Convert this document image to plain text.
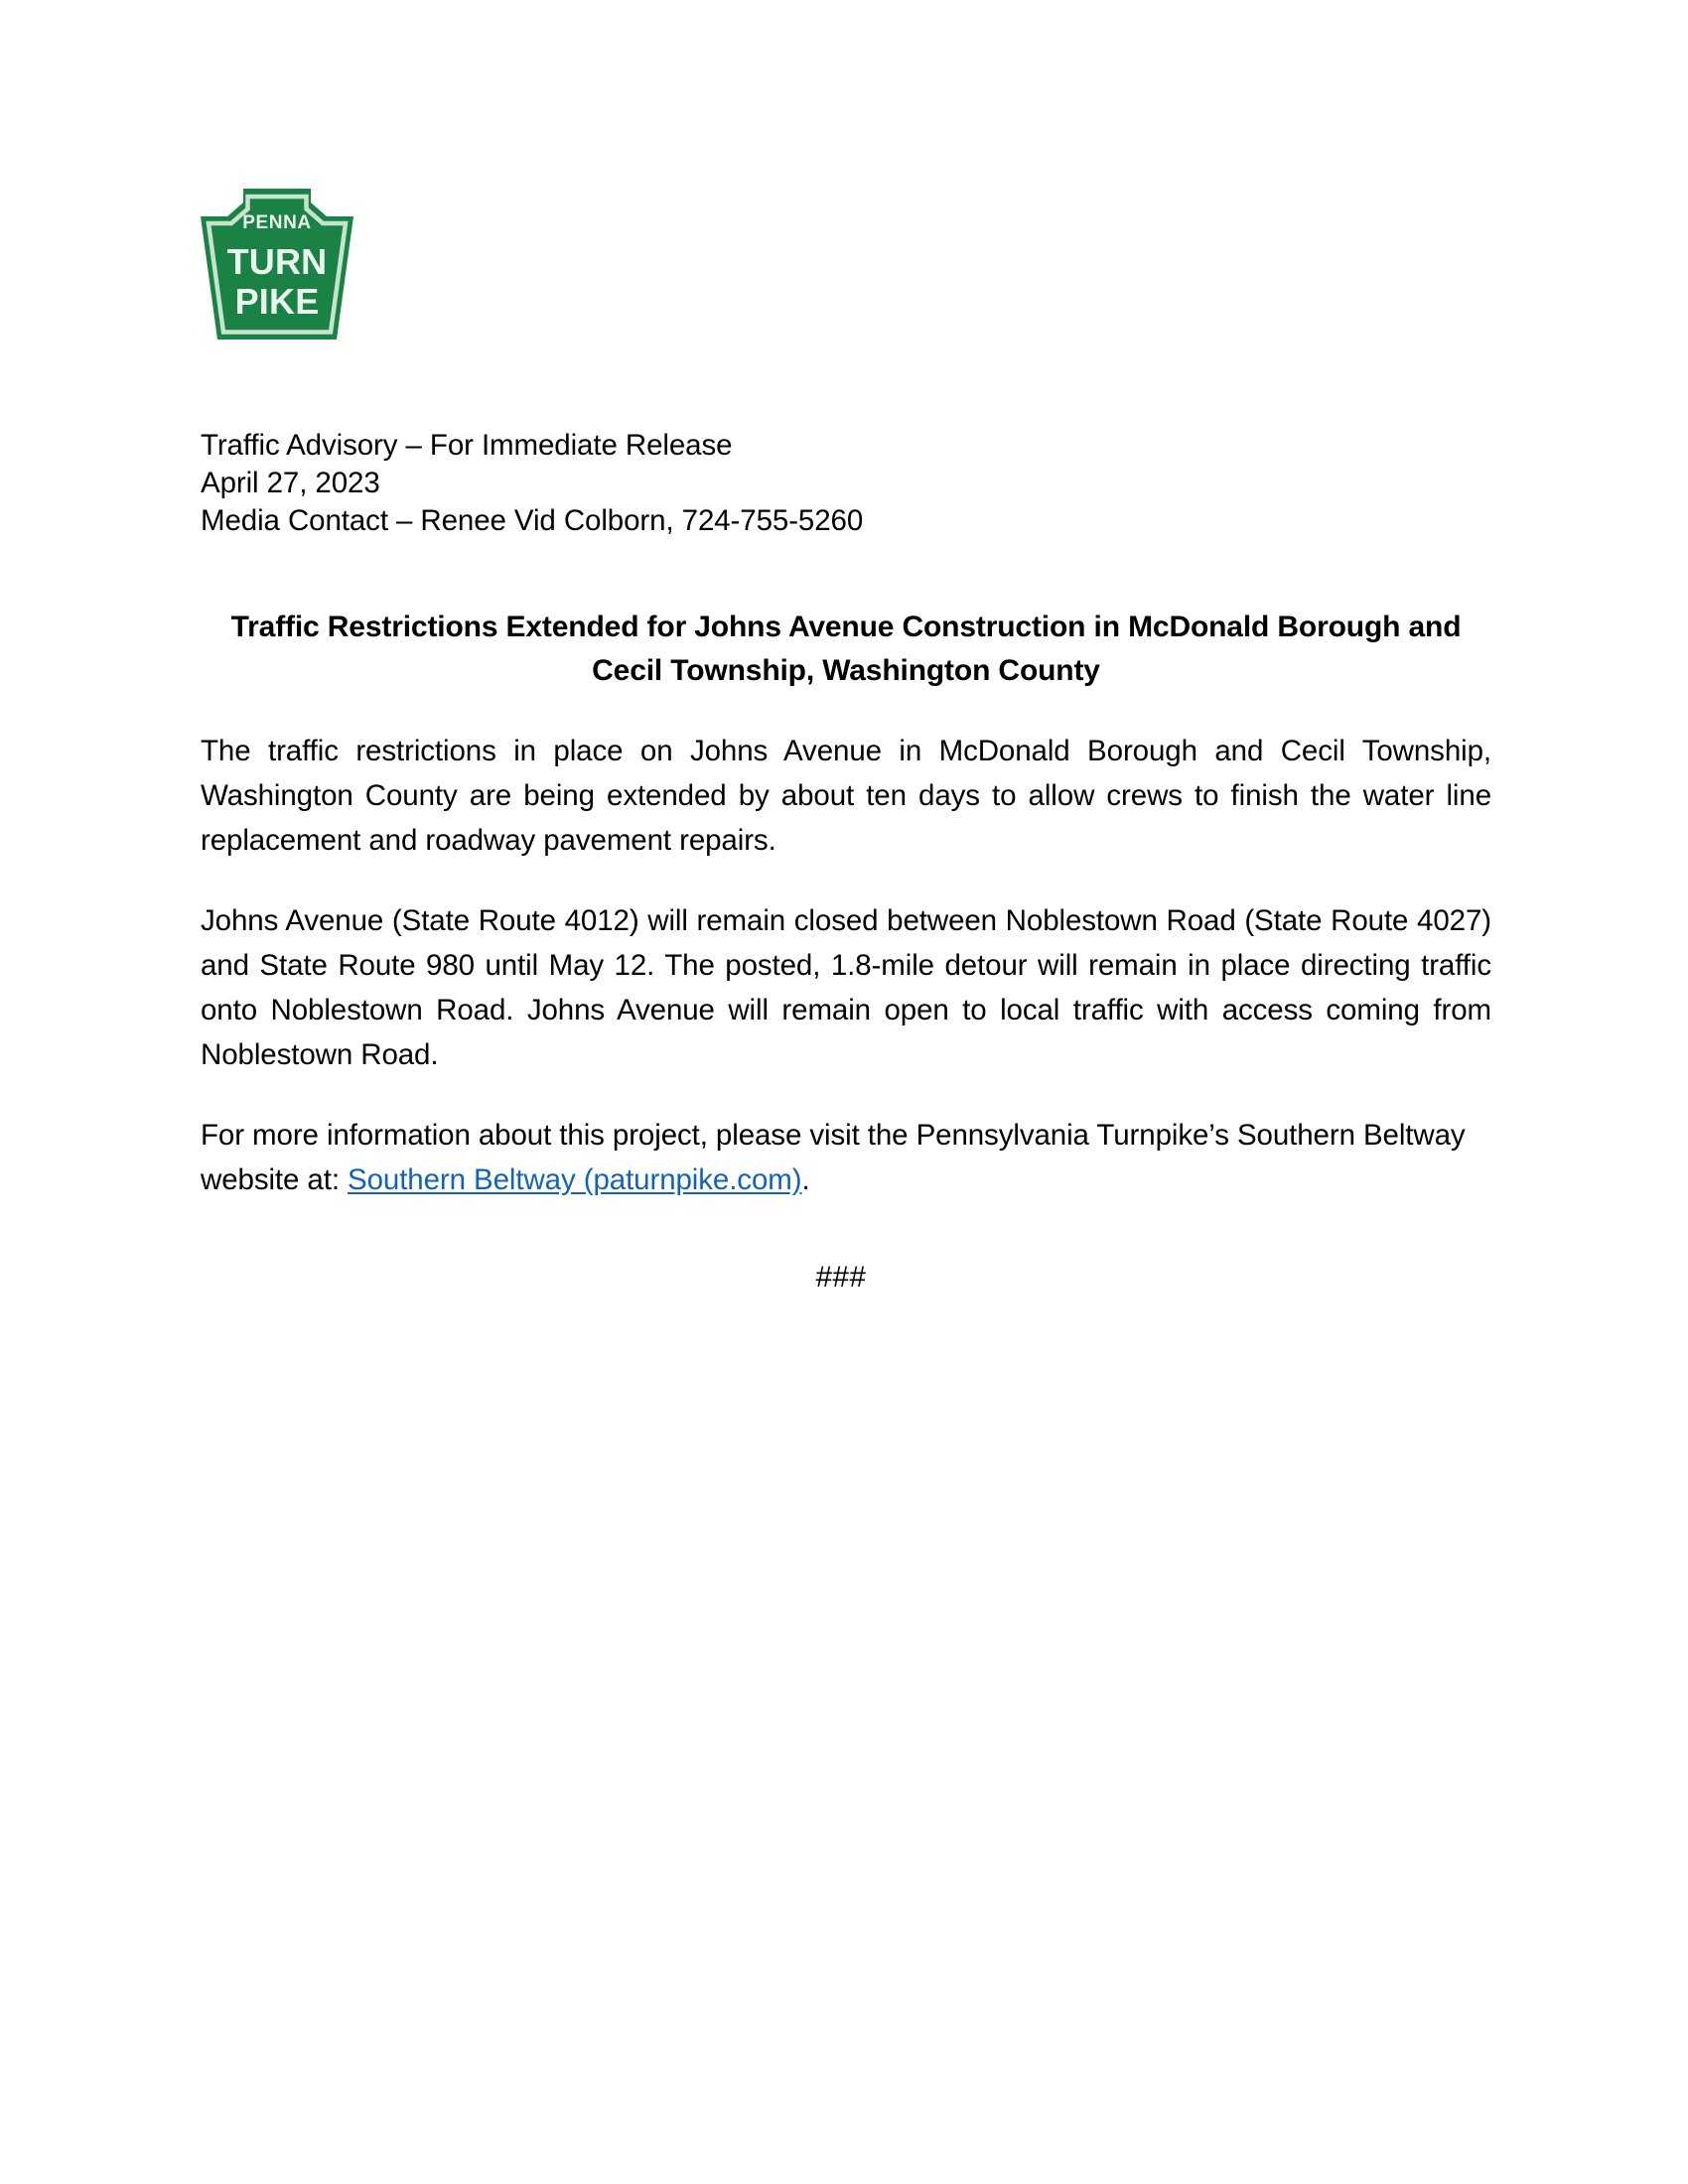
PENNA
TURN
PIKE
Traffic Advisory – For Immediate Release
April 27, 2023
Media Contact – Renee Vid Colborn, 724-755-5260
Traffic Restrictions Extended for Johns Avenue Construction in McDonald Borough and Cecil Township, Washington County

The traffic restrictions in place on Johns Avenue in McDonald Borough and Cecil Township, Washington County are being extended by about ten days to allow crews to finish the water line replacement and roadway pavement repairs.

Johns Avenue (State Route 4012) will remain closed between Noblestown Road (State Route 4027) and State Route 980 until May 12. The posted, 1.8-mile detour will remain in place directing traffic onto Noblestown Road. Johns Avenue will remain open to local traffic with access coming from Noblestown Road.

For more information about this project, please visit the Pennsylvania Turnpike’s Southern Beltway website at: Southern Beltway (paturnpike.com).

###
